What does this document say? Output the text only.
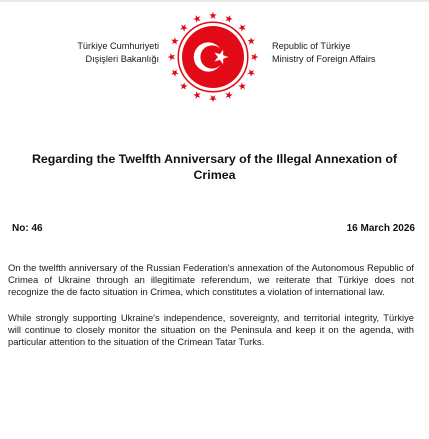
Türkiye Cumhuriyeti
Dışişleri Bakanlığı
Republic of Türkiye
Ministry of Foreign Affairs
Regarding the Twelfth Anniversary of the Illegal Annexation of Crimea
No: 46	16 March 2026

On the twelfth anniversary of the Russian Federation's annexation of the Autonomous Republic of Crimea of Ukraine through an illegitimate referendum, we reiterate that Türkiye does not recognize the de facto situation in Crimea, which constitutes a violation of international law.

While strongly supporting Ukraine's independence, sovereignty, and territorial integrity, Türkiye will continue to closely monitor the situation on the Peninsula and keep it on the agenda, with particular attention to the situation of the Crimean Tatar Turks.
